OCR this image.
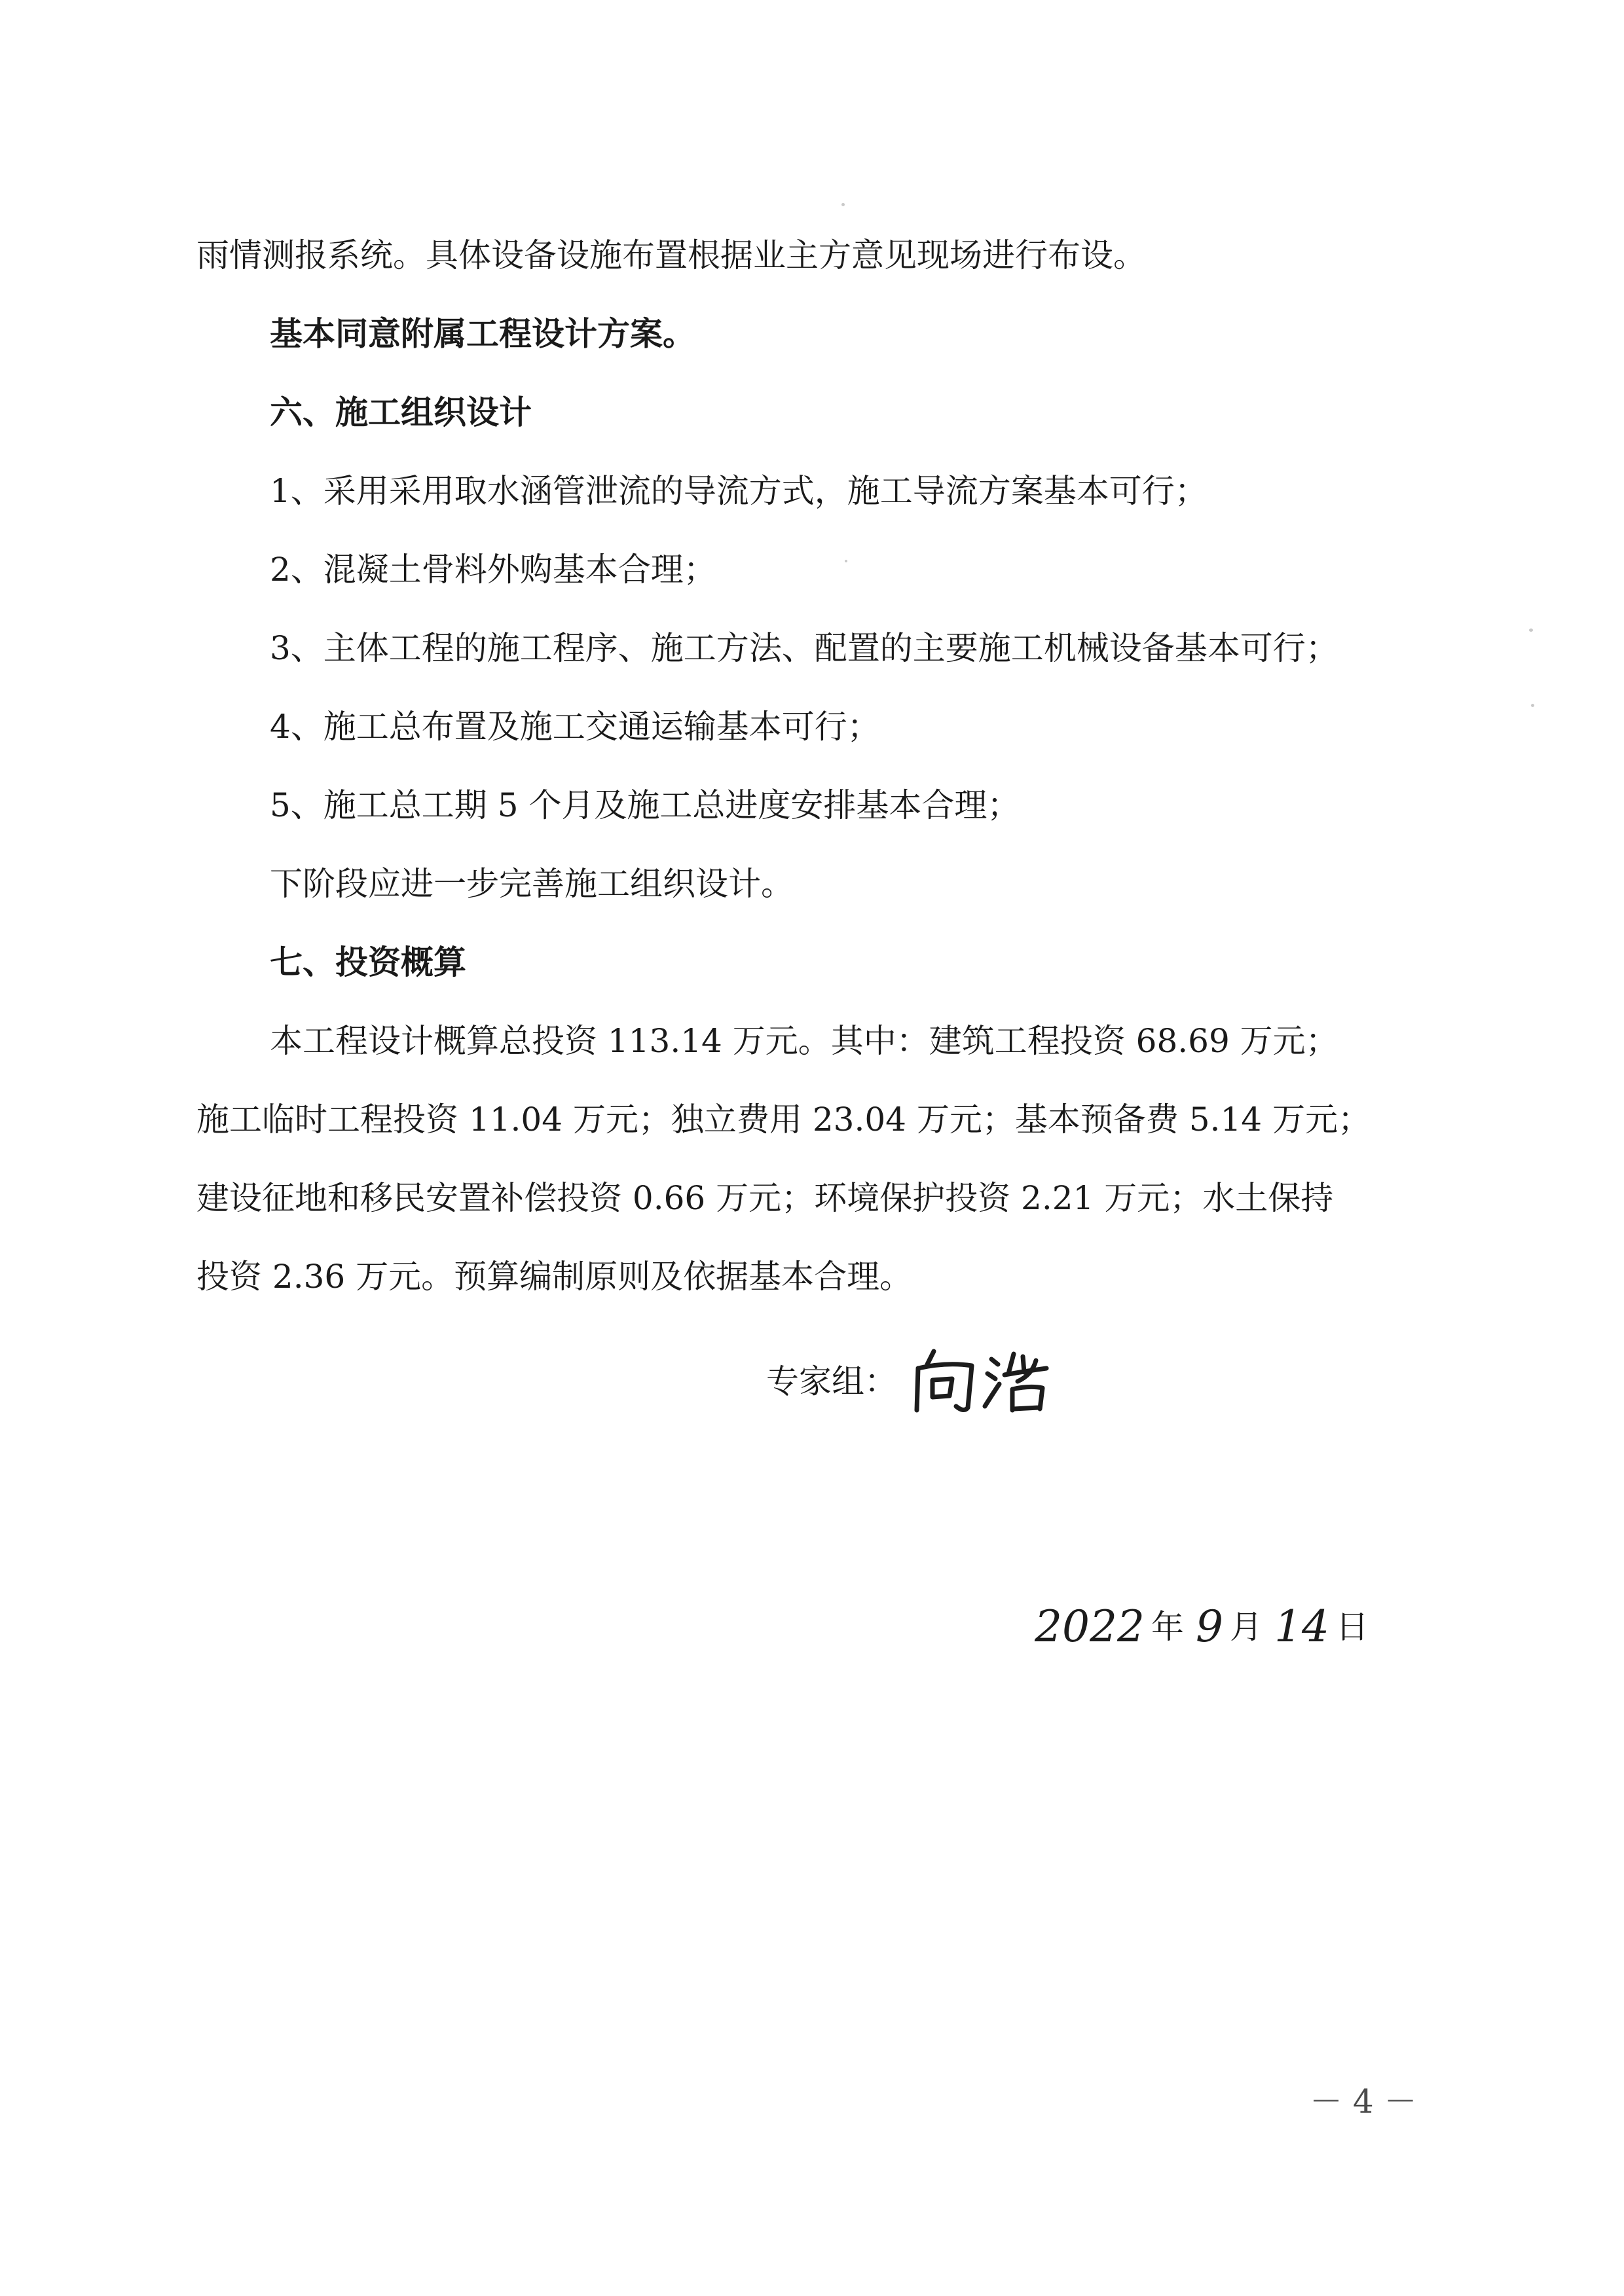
雨情测报系统。具体设备设施布置根据业主方意见现场进行布设。

基本同意附属工程设计方案。

六、施工组织设计

1、采用采用取水涵管泄流的导流方式，施工导流方案基本可行；

2、混凝土骨料外购基本合理；

3、主体工程的施工程序、施工方法、配置的主要施工机械设备基本可行；

4、施工总布置及施工交通运输基本可行；

5、施工总工期 5 个月及施工总进度安排基本合理；

下阶段应进一步完善施工组织设计。

七、投资概算

本工程设计概算总投资 113.14 万元。其中：建筑工程投资 68.69 万元；

施工临时工程投资 11.04 万元；独立费用 23.04 万元；基本预备费 5.14 万元；

建设征地和移民安置补偿投资 0.66 万元；环境保护投资 2.21 万元；水土保持

投资 2.36 万元。预算编制原则及依据基本合理。

专家组：
2022 年 9 月 14 日
－ 4 －
